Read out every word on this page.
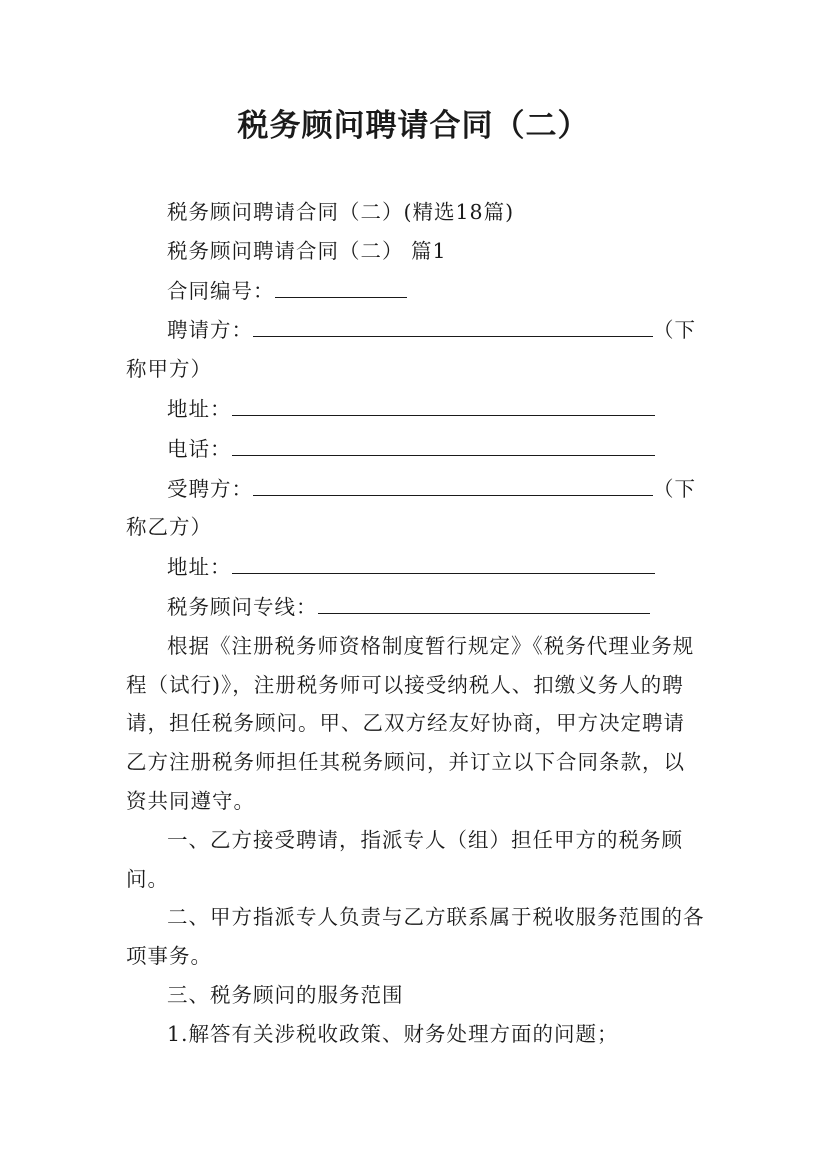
税务顾问聘请合同（二）

税务顾问聘请合同（二）(精选18篇)

税务顾问聘请合同（二） 篇1

合同编号：

聘请方：	（下称甲方）

地址：

电话：

受聘方：	（下称乙方）

地址：

税务顾问专线：

根据《注册税务师资格制度暂行规定》《税务代理业务规程（试行)》，注册税务师可以接受纳税人、扣缴义务人的聘请，担任税务顾问。甲、乙双方经友好协商，甲方决定聘请乙方注册税务师担任其税务顾问，并订立以下合同条款，以资共同遵守。

一、乙方接受聘请，指派专人（组）担任甲方的税务顾问。

二、甲方指派专人负责与乙方联系属于税收服务范围的各项事务。

三、税务顾问的服务范围

1.解答有关涉税收政策、财务处理方面的问题；
